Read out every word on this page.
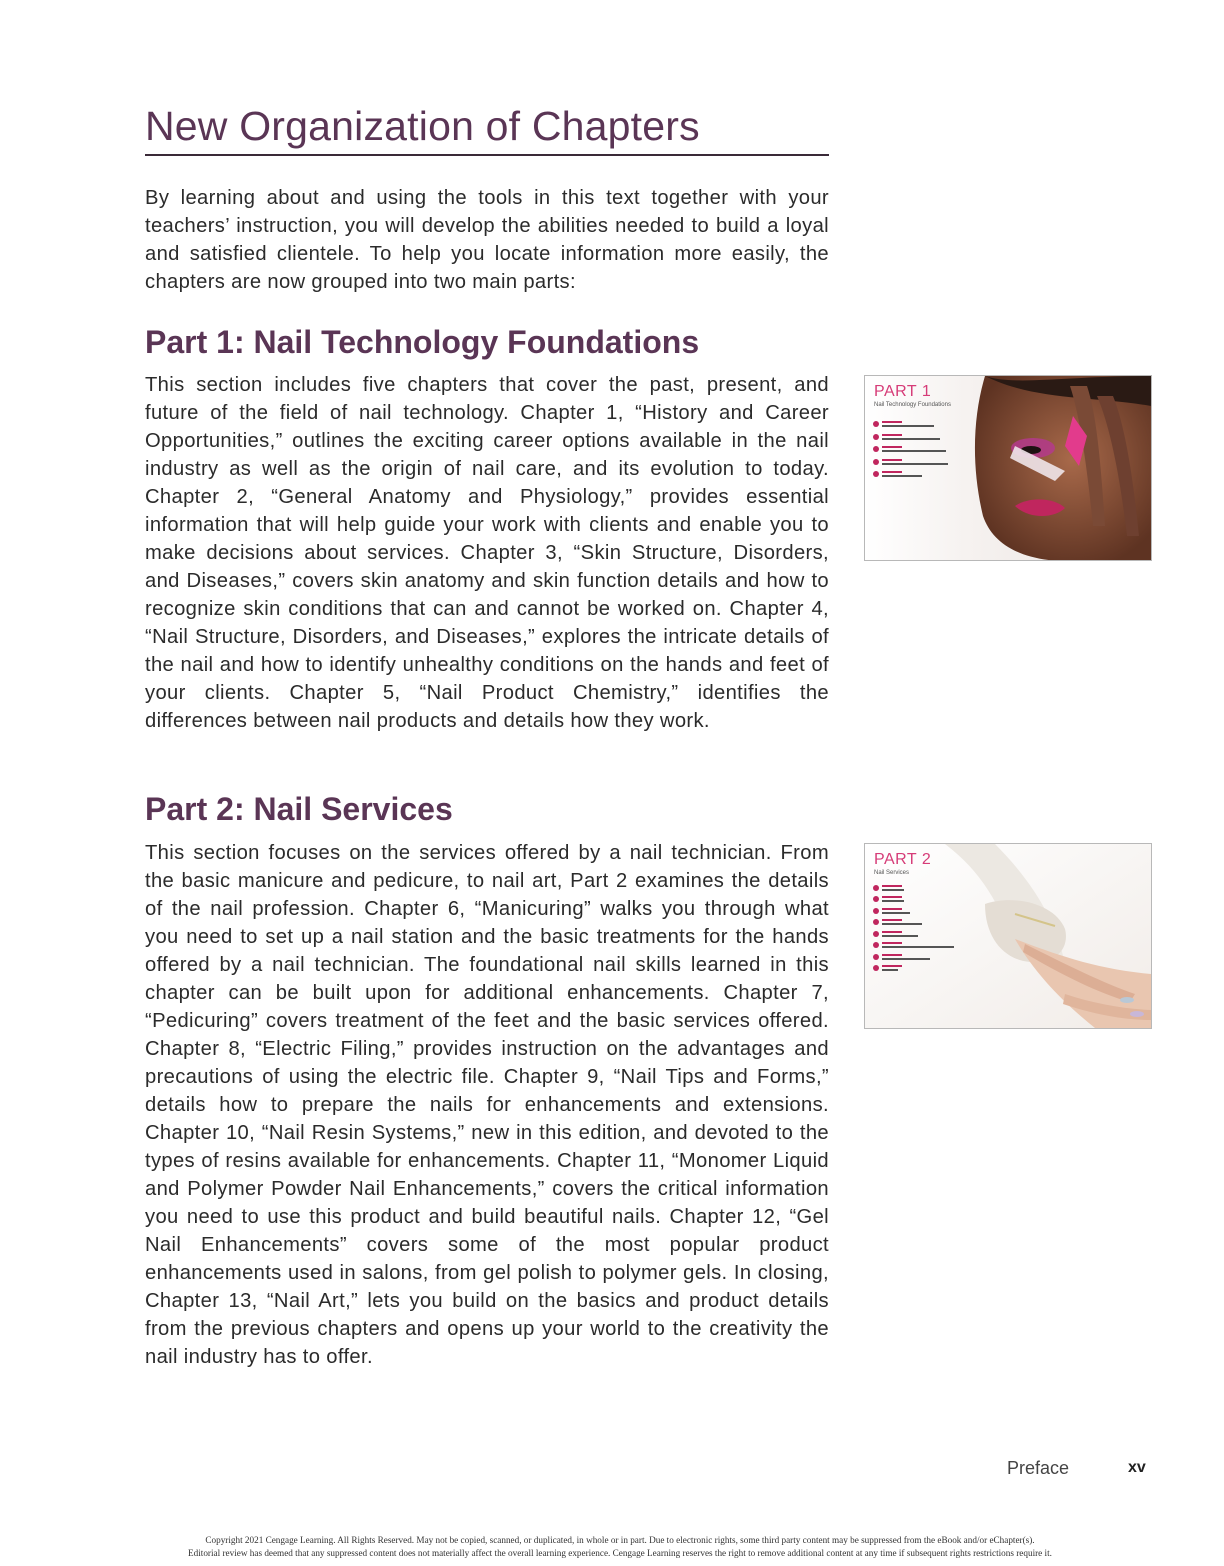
New Organization of Chapters

By learning about and using the tools in this text together with your teachers’ instruction, you will develop the abilities needed to build a loyal and satisfied clientele. To help you locate information more easily, the chapters are now grouped into two main parts:

Part 1: Nail Technology Foundations

This section includes five chapters that cover the past, present, and future of the field of nail technology. Chapter 1, “History and Career Opportunities,” outlines the exciting career options available in the nail industry as well as the origin of nail care, and its evolution to today. Chapter 2, “General Anatomy and Physiology,” provides essential information that will help guide your work with clients and enable you to make decisions about services. Chapter 3, “Skin Structure, Disorders, and Diseases,” covers skin anatomy and skin function details and how to recognize skin conditions that can and cannot be worked on. Chapter 4, “Nail Structure, Disorders, and Diseases,” explores the intricate details of the nail and how to identify unhealthy conditions on the hands and feet of your clients. Chapter 5, “Nail Product Chemistry,” identifies the differences between nail products and details how they work.

Part 2: Nail Services

This section focuses on the services offered by a nail technician. From the basic manicure and pedicure, to nail art, Part 2 examines the details of the nail profession. Chapter 6, “Manicuring” walks you through what you need to set up a nail station and the basic treatments for the hands offered by a nail technician. The foundational nail skills learned in this chapter can be built upon for additional enhancements. Chapter 7, “Pedicuring” covers treatment of the feet and the basic services offered. Chapter 8, “Electric Filing,” provides instruction on the advantages and precautions of using the electric file. Chapter 9, “Nail Tips and Forms,” details how to prepare the nails for enhancements and extensions. Chapter 10, “Nail Resin Systems,” new in this edition, and devoted to the types of resins available for enhancements. Chapter 11, “Monomer Liquid and Polymer Powder Nail Enhancements,” covers the critical information you need to use this product and build beautiful nails. Chapter 12, “Gel Nail Enhancements” covers some of the most popular product enhancements used in salons, from gel polish to polymer gels. In closing, Chapter 13, “Nail Art,” lets you build on the basics and product details from the previous chapters and opens up your world to the creativity the nail industry has to offer.

PART 1
Nail Technology Foundations
PART 2
Nail Services
Preface	xv
Copyright 2021 Cengage Learning. All Rights Reserved. May not be copied, scanned, or duplicated, in whole or in part. Due to electronic rights, some third party content may be suppressed from the eBook and/or eChapter(s).
Editorial review has deemed that any suppressed content does not materially affect the overall learning experience. Cengage Learning reserves the right to remove additional content at any time if subsequent rights restrictions require it.
